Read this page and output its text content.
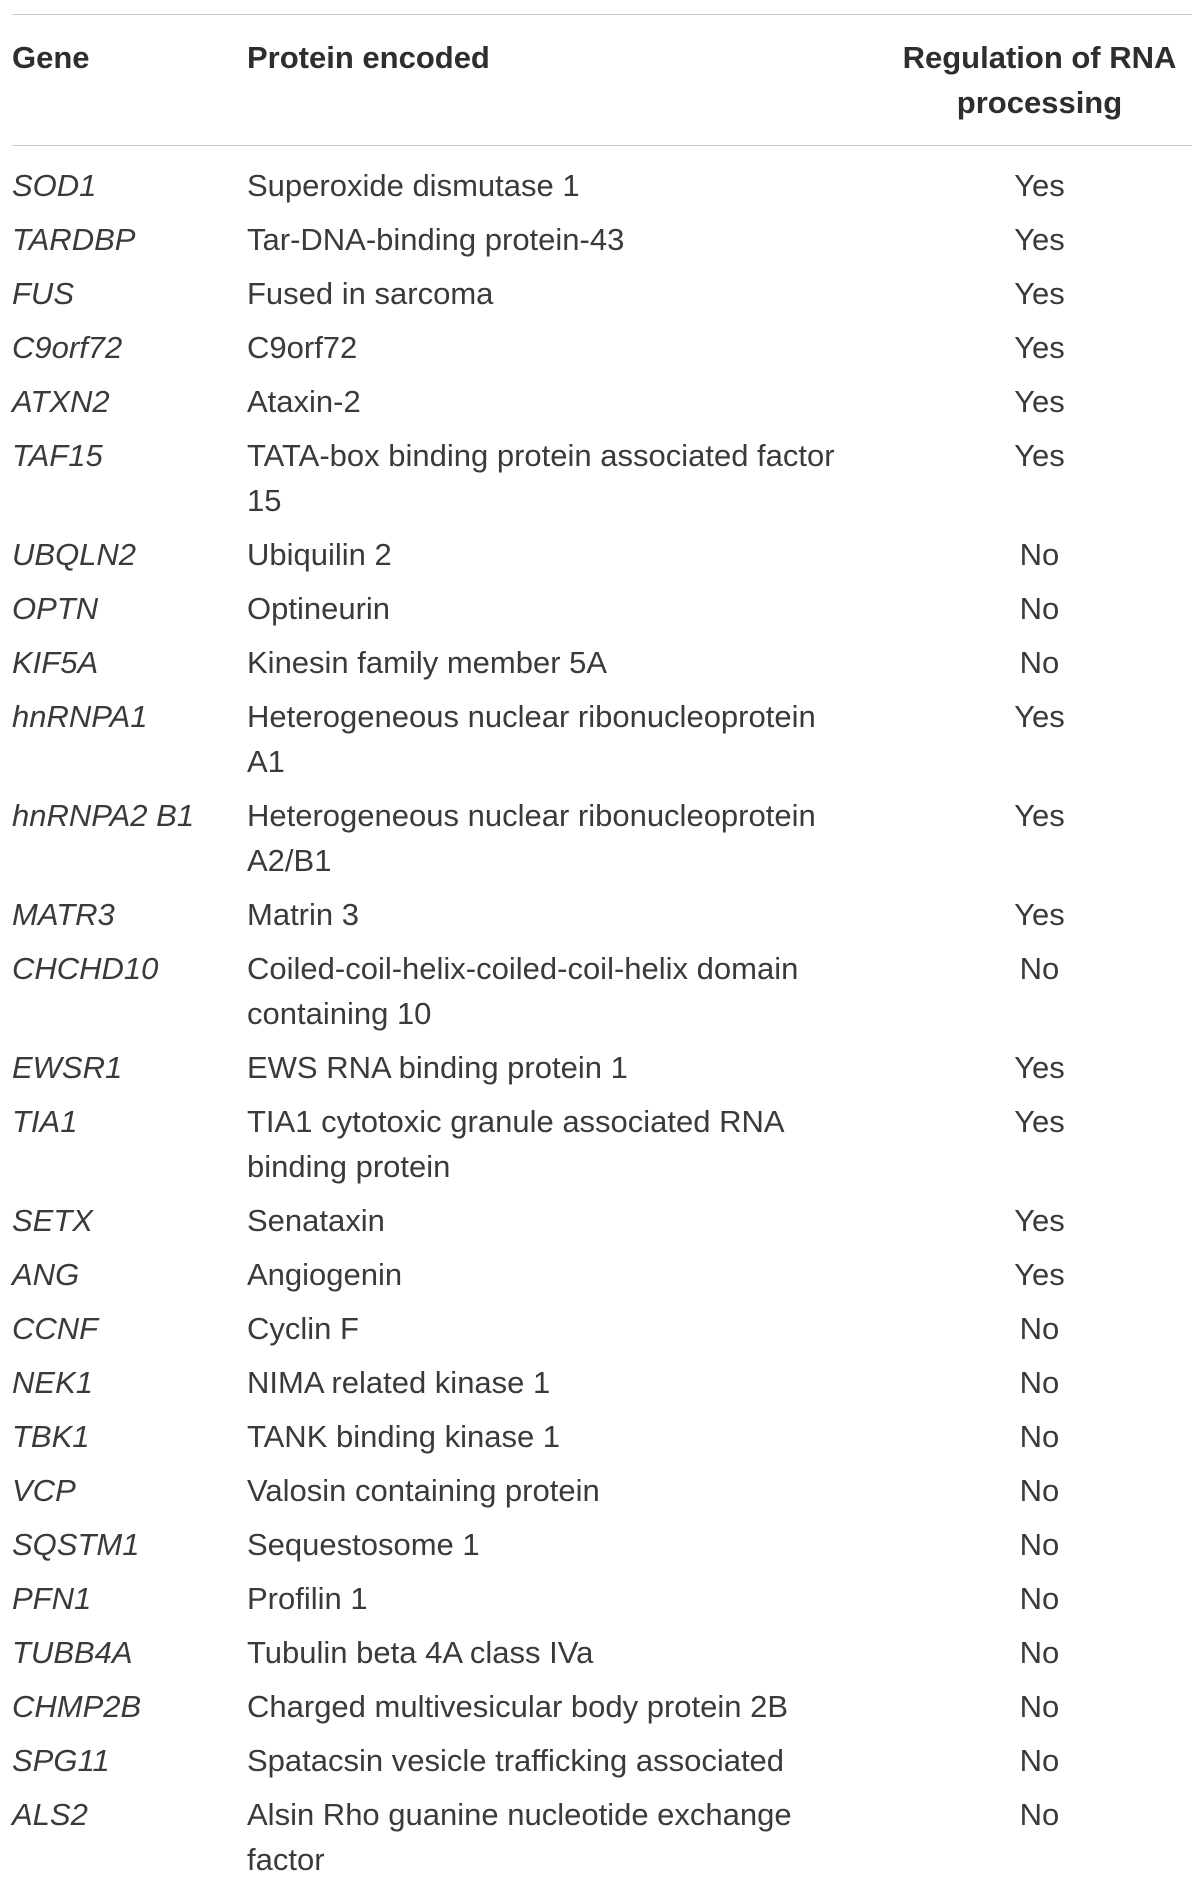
Gene	Protein encoded	Regulation of RNA processing
SOD1	Superoxide dismutase 1	Yes
TARDBP	Tar-DNA-binding protein-43	Yes
FUS	Fused in sarcoma	Yes
C9orf72	C9orf72	Yes
ATXN2	Ataxin-2	Yes
TAF15	TATA-box binding protein associated factor 15	Yes
UBQLN2	Ubiquilin 2	No
OPTN	Optineurin	No
KIF5A	Kinesin family member 5A	No
hnRNPA1	Heterogeneous nuclear ribonucleoprotein A1	Yes
hnRNPA2 B1	Heterogeneous nuclear ribonucleoprotein A2/B1	Yes
MATR3	Matrin 3	Yes
CHCHD10	Coiled-coil-helix-coiled-coil-helix domain containing 10	No
EWSR1	EWS RNA binding protein 1	Yes
TIA1	TIA1 cytotoxic granule associated RNA binding protein	Yes
SETX	Senataxin	Yes
ANG	Angiogenin	Yes
CCNF	Cyclin F	No
NEK1	NIMA related kinase 1	No
TBK1	TANK binding kinase 1	No
VCP	Valosin containing protein	No
SQSTM1	Sequestosome 1	No
PFN1	Profilin 1	No
TUBB4A	Tubulin beta 4A class IVa	No
CHMP2B	Charged multivesicular body protein 2B	No
SPG11	Spatacsin vesicle trafficking associated	No
ALS2	Alsin Rho guanine nucleotide exchange factor	No
